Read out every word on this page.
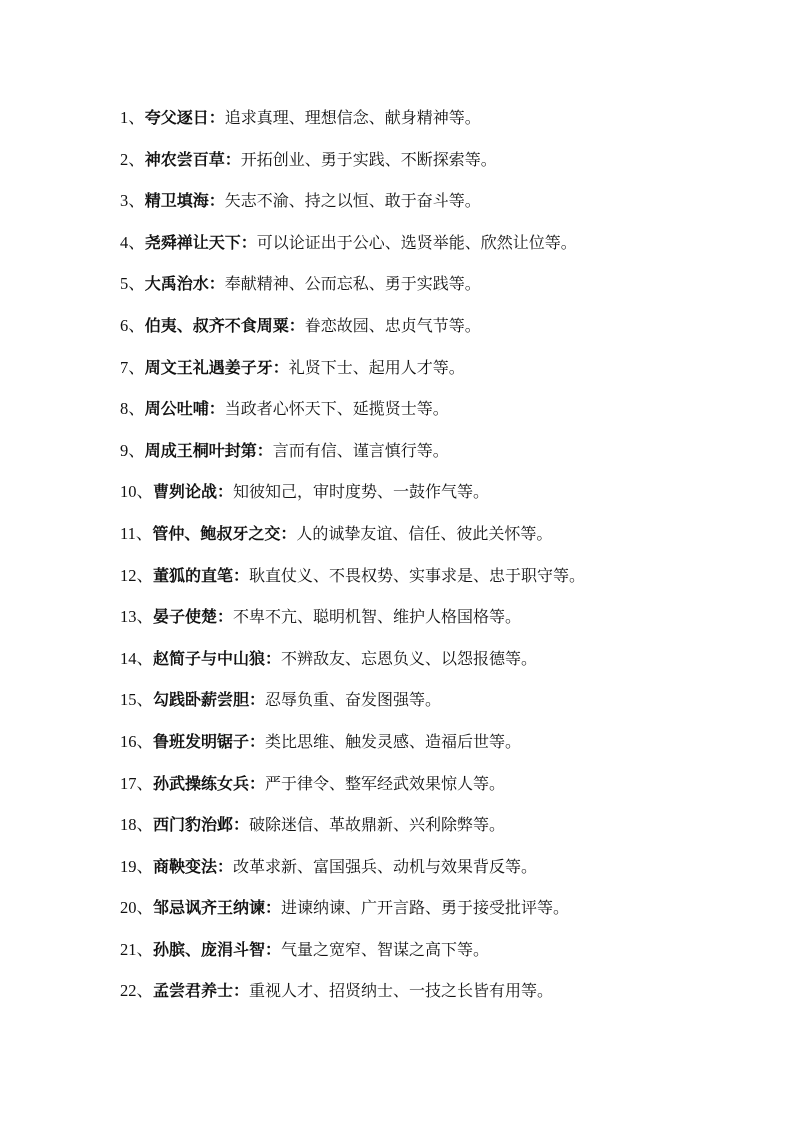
1、夸父逐日：追求真理、理想信念、献身精神等。
2、神农尝百草：开拓创业、勇于实践、不断探索等。
3、精卫填海：矢志不渝、持之以恒、敢于奋斗等。
4、尧舜禅让天下：可以论证出于公心、选贤举能、欣然让位等。
5、大禹治水：奉献精神、公而忘私、勇于实践等。
6、伯夷、叔齐不食周粟：眷恋故园、忠贞气节等。
7、周文王礼遇姜子牙：礼贤下士、起用人才等。
8、周公吐哺：当政者心怀天下、延揽贤士等。
9、周成王桐叶封第：言而有信、谨言慎行等。
10、曹刿论战：知彼知己，审时度势、一鼓作气等。
11、管仲、鲍叔牙之交：人的诚挚友谊、信任、彼此关怀等。
12、董狐的直笔：耿直仗义、不畏权势、实事求是、忠于职守等。
13、晏子使楚：不卑不亢、聪明机智、维护人格国格等。
14、赵简子与中山狼：不辨敌友、忘恩负义、以怨报德等。
15、勾践卧薪尝胆：忍辱负重、奋发图强等。
16、鲁班发明锯子：类比思维、触发灵感、造福后世等。
17、孙武操练女兵：严于律令、整军经武效果惊人等。
18、西门豹治邺：破除迷信、革故鼎新、兴利除弊等。
19、商鞅变法：改革求新、富国强兵、动机与效果背反等。
20、邹忌讽齐王纳谏：进谏纳谏、广开言路、勇于接受批评等。
21、孙膑、庞涓斗智：气量之宽窄、智谋之高下等。
22、孟尝君养士：重视人才、招贤纳士、一技之长皆有用等。
